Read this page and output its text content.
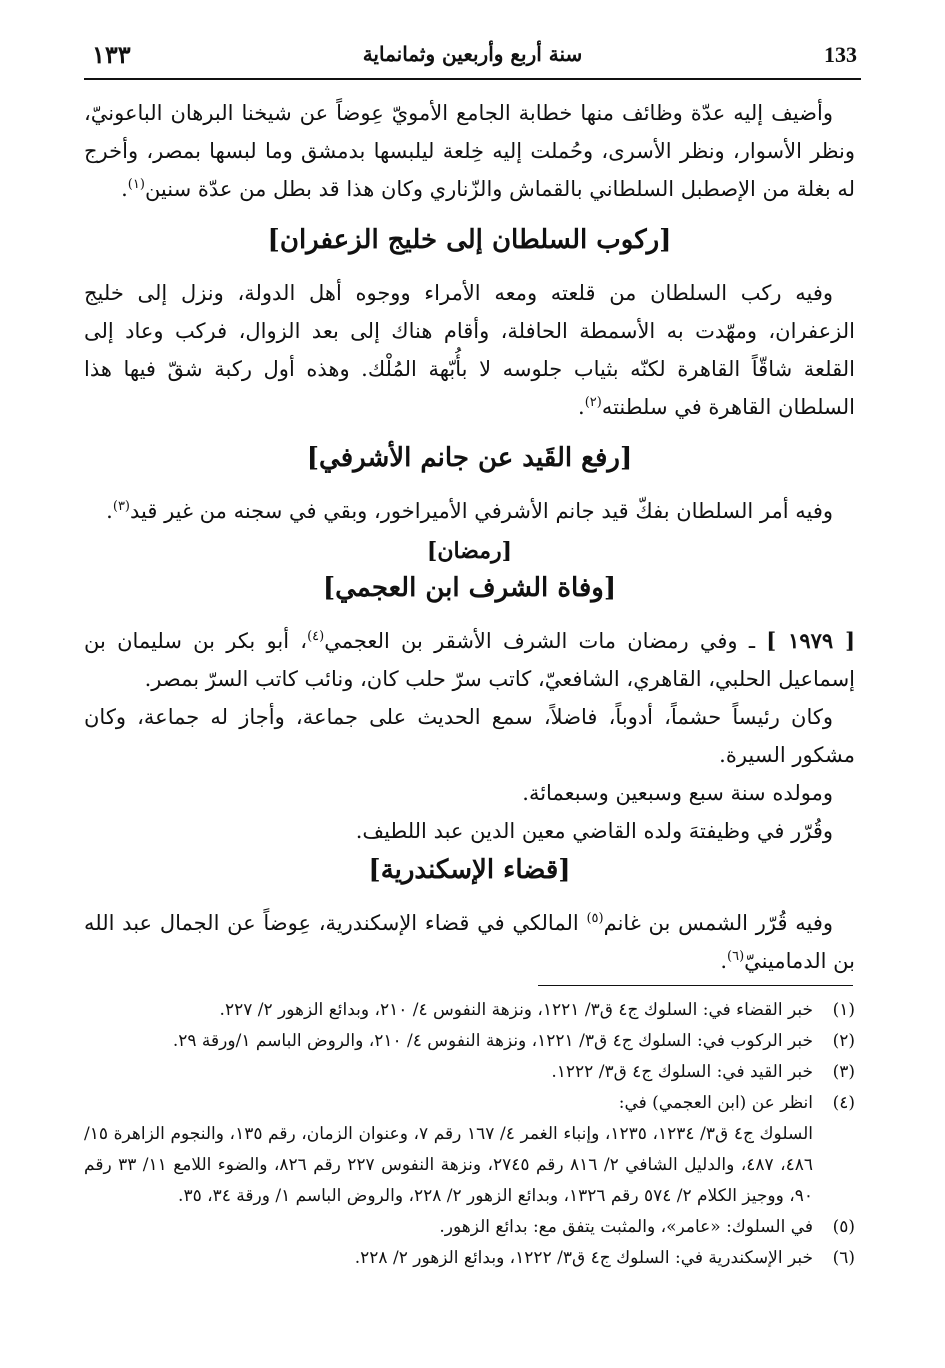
133
سنة أربع وأربعين وثمانماية
١٣٣

وأضيف إليه عدّة وظائف منها خطابة الجامع الأمويّ عِوضاً عن شيخنا البرهان الباعونيّ، ونظر الأسوار، ونظر الأسرى، وحُملت إليه خِلعة ليلبسها بدمشق وما لبسها بمصر، وأخرج له بغلة من الإصطبل السلطاني بالقماش والزّناري وكان هذا قد بطل من عدّة سنين$^{(١)}$.

[ركوب السلطان إلى خليج الزعفران]

وفيه ركب السلطان من قلعته ومعه الأمراء ووجوه أهل الدولة، ونزل إلى خليج الزعفران، ومهّدت به الأسمطة الحافلة، وأقام هناك إلى بعد الزوال، فركب وعاد إلى القلعة شاقّاً القاهرة لكنّه بثياب جلوسه لا بأُبّهة المُلْك. وهذه أول ركبة شقّ فيها هذا السلطان القاهرة في سلطنته$^{(٢)}$.

[رفع القَيد عن جانم الأشرفي]

وفيه أمر السلطان بفكّ قيد جانم الأشرفي الأميراخور، وبقي في سجنه من غير قيد$^{(٣)}$.

[رمضان]
[وفاة الشرف ابن العجمي]

[ ١٩٧٩ ] ـ وفي رمضان مات الشرف الأشقر بن العجمي$^{(٤)}$، أبو بكر بن سليمان بن إسماعيل الحلبي، القاهري، الشافعيّ، كاتب سرّ حلب كان، ونائب كاتب السرّ بمصر.

وكان رئيساً حشماً، أدوباً، فاضلاً، سمع الحديث على جماعة، وأجاز له جماعة، وكان مشكور السيرة.

ومولده سنة سبع وسبعين وسبعمائة.

وقُرّر في وظيفتهَ ولده القاضي معين الدين عبد اللطيف.

[قضاء الإسكندرية]

وفيه قُرّر الشمس بن غانم$^{(٥)}$ المالكي في قضاء الإسكندرية، عِوضاً عن الجمال عبد الله بن الدمامينيّ$^{(٦)}$.

(١)
خبر القضاء في: السلوك ج٤ ق٣/ ١٢٢١، ونزهة النفوس ٤/ ٢١٠، وبدائع الزهور ٢/ ٢٢٧.

(٢)
خبر الركوب في: السلوك ج٤ ق٣/ ١٢٢١، ونزهة النفوس ٤/ ٢١٠، والروض الباسم ١/ورقة ٢٩.

(٣)
خبر القيد في: السلوك ج٤ ق٣/ ١٢٢٢.

(٤)
انظر عن (ابن العجمي) في:

السلوك ج٤ ق٣/ ١٢٣٤، ١٢٣٥، وإنباء الغمر ٤/ ١٦٧ رقم ٧، وعنوان الزمان، رقم ١٣٥، والنجوم الزاهرة ١٥/ ٤٨٦، ٤٨٧، والدليل الشافي ٢/ ٨١٦ رقم ٢٧٤٥، ونزهة النفوس ٢٢٧ رقم ٨٢٦، والضوء اللامع ١١/ ٣٣ رقم ٩٠، ووجيز الكلام ٢/ ٥٧٤ رقم ١٣٢٦، وبدائع الزهور ٢/ ٢٢٨، والروض الباسم ١/ ورقة ٣٤، ٣٥.

(٥)
في السلوك: «عامر»، والمثبت يتفق مع: بدائع الزهور.

(٦)
خبر الإسكندرية في: السلوك ج٤ ق٣/ ١٢٢٢، وبدائع الزهور ٢/ ٢٢٨.
